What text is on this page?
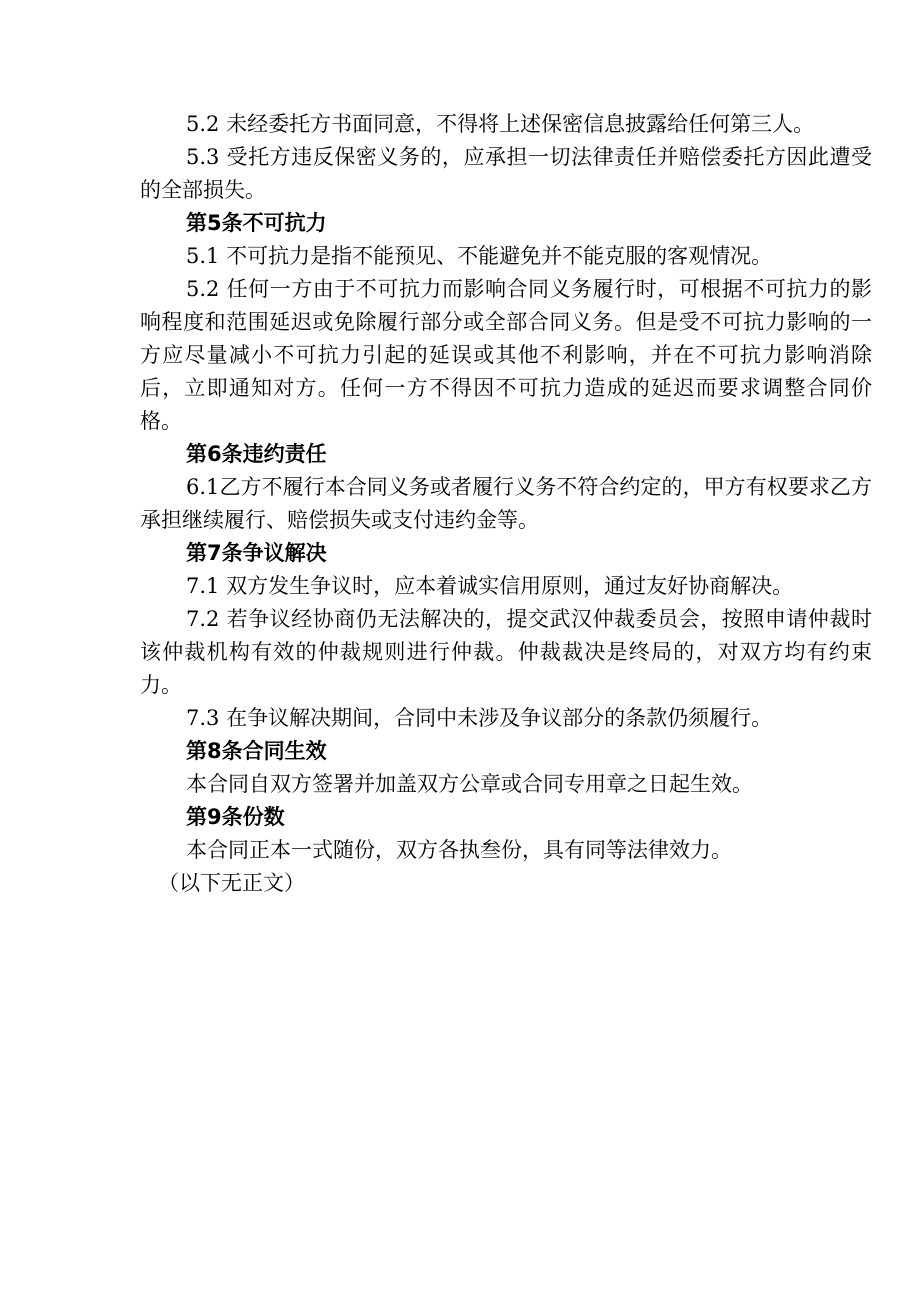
5.2 未经委托方书面同意，不得将上述保密信息披露给任何第三人。

5.3 受托方违反保密义务的，应承担一切法律责任并赔偿委托方因此遭受的全部损失。

第5条不可抗力

5.1 不可抗力是指不能预见、不能避免并不能克服的客观情况。

5.2 任何一方由于不可抗力而影响合同义务履行时，可根据不可抗力的影响程度和范围延迟或免除履行部分或全部合同义务。但是受不可抗力影响的一方应尽量减小不可抗力引起的延误或其他不利影响，并在不可抗力影响消除后，立即通知对方。任何一方不得因不可抗力造成的延迟而要求调整合同价格。

第6条违约责任

6.1乙方不履行本合同义务或者履行义务不符合约定的，甲方有权要求乙方承担继续履行、赔偿损失或支付违约金等。

第7条争议解决

7.1 双方发生争议时，应本着诚实信用原则，通过友好协商解决。

7.2 若争议经协商仍无法解决的，提交武汉仲裁委员会，按照申请仲裁时该仲裁机构有效的仲裁规则进行仲裁。仲裁裁决是终局的，对双方均有约束力。

7.3 在争议解决期间，合同中未涉及争议部分的条款仍须履行。

第8条合同生效

本合同自双方签署并加盖双方公章或合同专用章之日起生效。

第9条份数

本合同正本一式随份，双方各执叁份，具有同等法律效力。

（以下无正文）
